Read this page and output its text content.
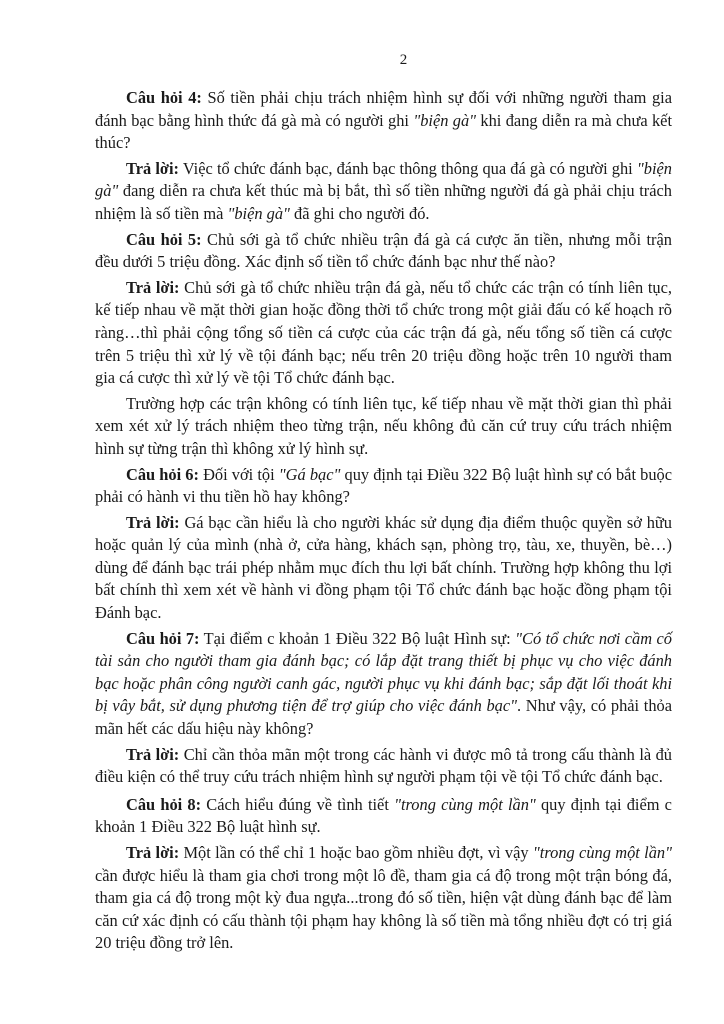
2

Câu hỏi 4: Số tiền phải chịu trách nhiệm hình sự đối với những người tham gia đánh bạc bằng hình thức đá gà mà có người ghi "biện gà" khi đang diễn ra mà chưa kết thúc?

Trả lời: Việc tổ chức đánh bạc, đánh bạc thông thông qua đá gà có người ghi "biện gà" đang diễn ra chưa kết thúc mà bị bắt, thì số tiền những người đá gà phải chịu trách nhiệm là số tiền mà "biện gà" đã ghi cho người đó.

Câu hỏi 5: Chủ sới gà tổ chức nhiều trận đá gà cá cược ăn tiền, nhưng mỗi trận đều dưới 5 triệu đồng. Xác định số tiền tổ chức đánh bạc như thế nào?

Trả lời: Chủ sới gà tổ chức nhiều trận đá gà, nếu tổ chức các trận có tính liên tục, kế tiếp nhau về mặt thời gian hoặc đồng thời tổ chức trong một giải đấu có kế hoạch rõ ràng…thì phải cộng tổng số tiền cá cược của các trận đá gà, nếu tổng số tiền cá cược trên 5 triệu thì xử lý về tội đánh bạc; nếu trên 20 triệu đồng hoặc trên 10 người tham gia cá cược thì xử lý về tội Tổ chức đánh bạc.

Trường hợp các trận không có tính liên tục, kế tiếp nhau về mặt thời gian thì phải xem xét xử lý trách nhiệm theo từng trận, nếu không đủ căn cứ truy cứu trách nhiệm hình sự từng trận thì không xử lý hình sự.

Câu hỏi 6: Đối với tội "Gá bạc" quy định tại Điều 322 Bộ luật hình sự có bắt buộc phải có hành vi thu tiền hồ hay không?

Trả lời: Gá bạc cần hiểu là cho người khác sử dụng địa điểm thuộc quyền sở hữu hoặc quản lý của mình (nhà ở, cửa hàng, khách sạn, phòng trọ, tàu, xe, thuyền, bè…) dùng để đánh bạc trái phép nhằm mục đích thu lợi bất chính. Trường hợp không thu lợi bất chính thì xem xét về hành vi đồng phạm tội Tổ chức đánh bạc hoặc đồng phạm tội Đánh bạc.

Câu hỏi 7: Tại điểm c khoản 1 Điều 322 Bộ luật Hình sự: "Có tổ chức nơi cầm cố tài sản cho người tham gia đánh bạc; có lắp đặt trang thiết bị phục vụ cho việc đánh bạc hoặc phân công người canh gác, người phục vụ khi đánh bạc; sắp đặt lối thoát khi bị vây bắt, sử dụng phương tiện để trợ giúp cho việc đánh bạc". Như vậy, có phải thỏa mãn hết các dấu hiệu này không?

Trả lời: Chỉ cần thỏa mãn một trong các hành vi được mô tả trong cấu thành là đủ điều kiện có thể truy cứu trách nhiệm hình sự người phạm tội về tội Tổ chức đánh bạc.

Câu hỏi 8: Cách hiểu đúng về tình tiết "trong cùng một lần" quy định tại điểm c khoản 1 Điều 322 Bộ luật hình sự.

Trả lời: Một lần có thể chỉ 1 hoặc bao gồm nhiều đợt, vì vậy "trong cùng một lần" cần được hiểu là tham gia chơi trong một lô đề, tham gia cá độ trong một trận bóng đá, tham gia cá độ trong một kỳ đua ngựa...trong đó số tiền, hiện vật dùng đánh bạc để làm căn cứ xác định có cấu thành tội phạm hay không là số tiền mà tổng nhiều đợt có trị giá 20 triệu đồng trở lên.
